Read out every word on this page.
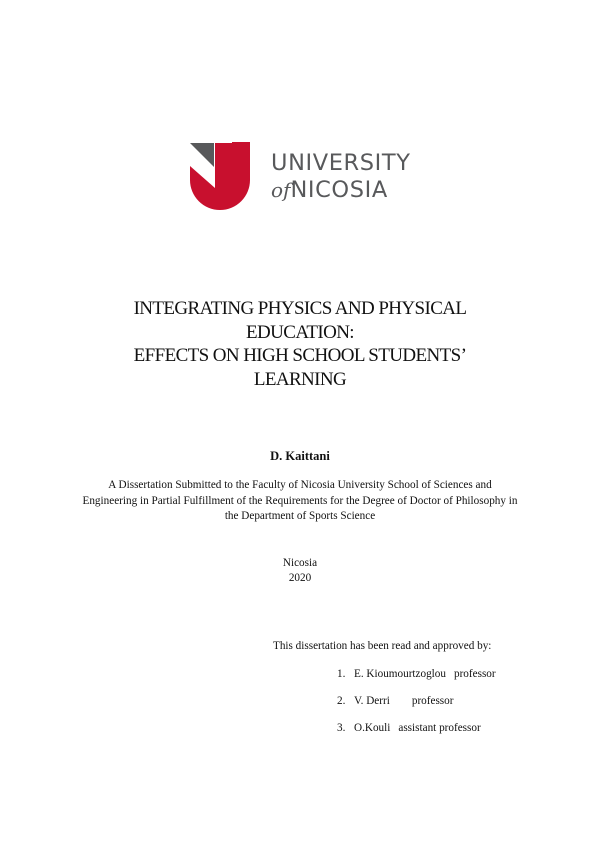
UNIVERSITY
ofNICOSIA
INTEGRATING PHYSICS AND PHYSICAL
EDUCATION:
EFFECTS ON HIGH SCHOOL STUDENTS’
LEARNING
D. Kaittani
A Dissertation Submitted to the Faculty of Nicosia University School of Sciences and Engineering in Partial Fulfillment of the Requirements for the Degree of Doctor of Philosophy in the Department of Sports Science
Nicosia
2020
This dissertation has been read and approved by:
1. E. Kioumourtzoglou professor
2. V. Derri professor
3. O.Kouli assistant professor
